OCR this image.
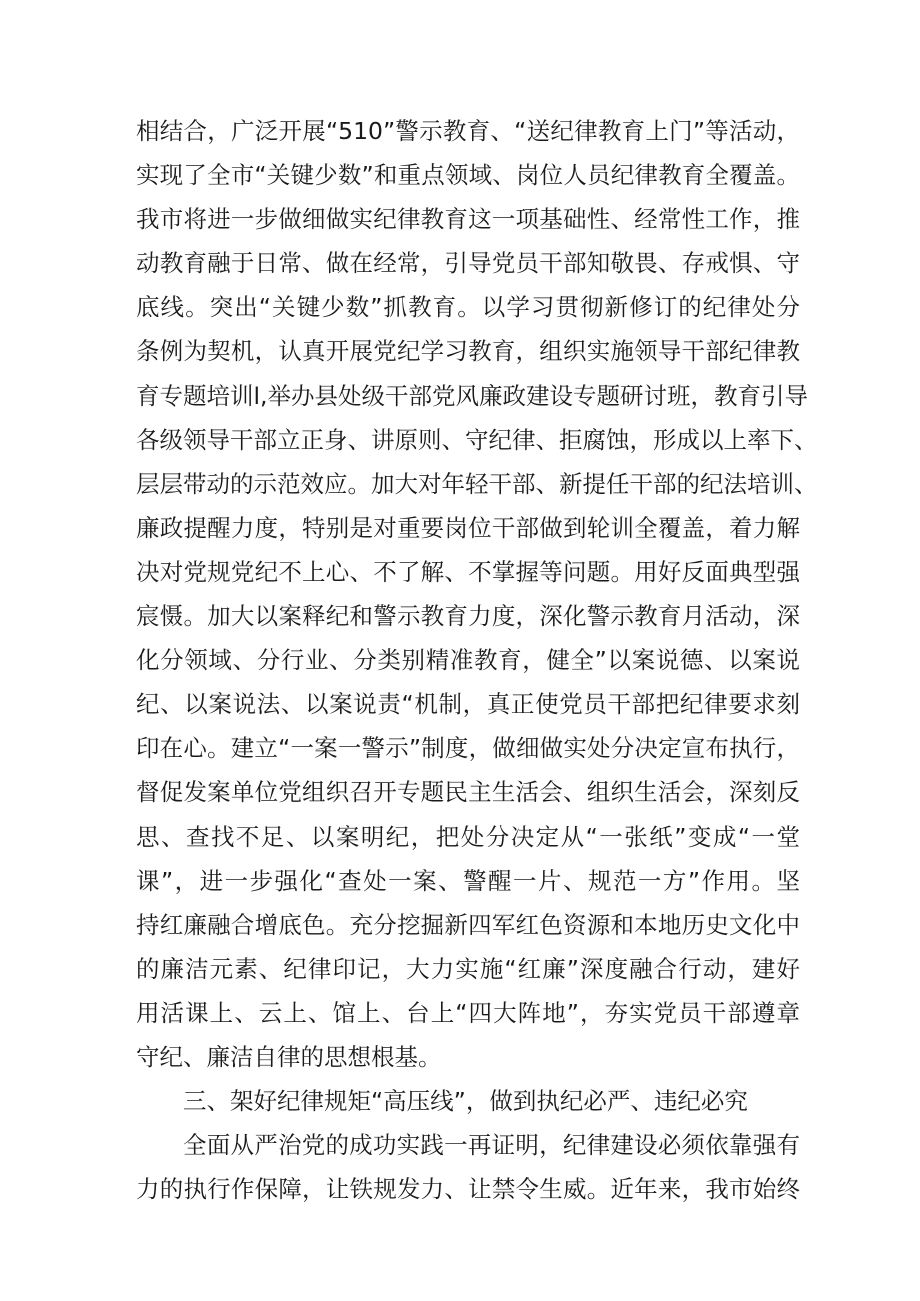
相结合，广泛开展“510”警示教育、“送纪律教育上门”等活动，
实现了全市“关键少数”和重点领域、岗位人员纪律教育全覆盖。
我市将进一步做细做实纪律教育这一项基础性、经常性工作，推
动教育融于日常、做在经常，引导党员干部知敬畏、存戒惧、守
底线。突出“关键少数”抓教育。以学习贯彻新修订的纪律处分
条例为契机，认真开展党纪学习教育，组织实施领导干部纪律教
育专题培训l,举办县处级干部党风廉政建设专题研讨班，教育引导
各级领导干部立正身、讲原则、守纪律、拒腐蚀，形成以上率下、
层层带动的示范效应。加大对年轻干部、新提任干部的纪法培训、
廉政提醒力度，特别是对重要岗位干部做到轮训全覆盖，着力解
决对党规党纪不上心、不了解、不掌握等问题。用好反面典型强
宸慑。加大以案释纪和警示教育力度，深化警示教育月活动，深
化分领域、分行业、分类别精准教育，健全”以案说德、以案说
纪、以案说法、以案说责“机制，真正使党员干部把纪律要求刻
印在心。建立“一案一警示”制度，做细做实处分决定宣布执行，
督促发案单位党组织召开专题民主生活会、组织生活会，深刻反
思、查找不足、以案明纪，把处分决定从“一张纸”变成“一堂
课”，进一步强化“查处一案、警醒一片、规范一方”作用。坚
持红廉融合增底色。充分挖掘新四军红色资源和本地历史文化中
的廉洁元素、纪律印记，大力实施“红廉”深度融合行动，建好
用活课上、云上、馆上、台上“四大阵地”，夯实党员干部遵章
守纪、廉洁自律的思想根基。
三、架好纪律规矩“高压线”，做到执纪必严、违纪必究
全面从严治党的成功实践一再证明，纪律建设必须依靠强有
力的执行作保障，让铁规发力、让禁令生威。近年来，我市始终
